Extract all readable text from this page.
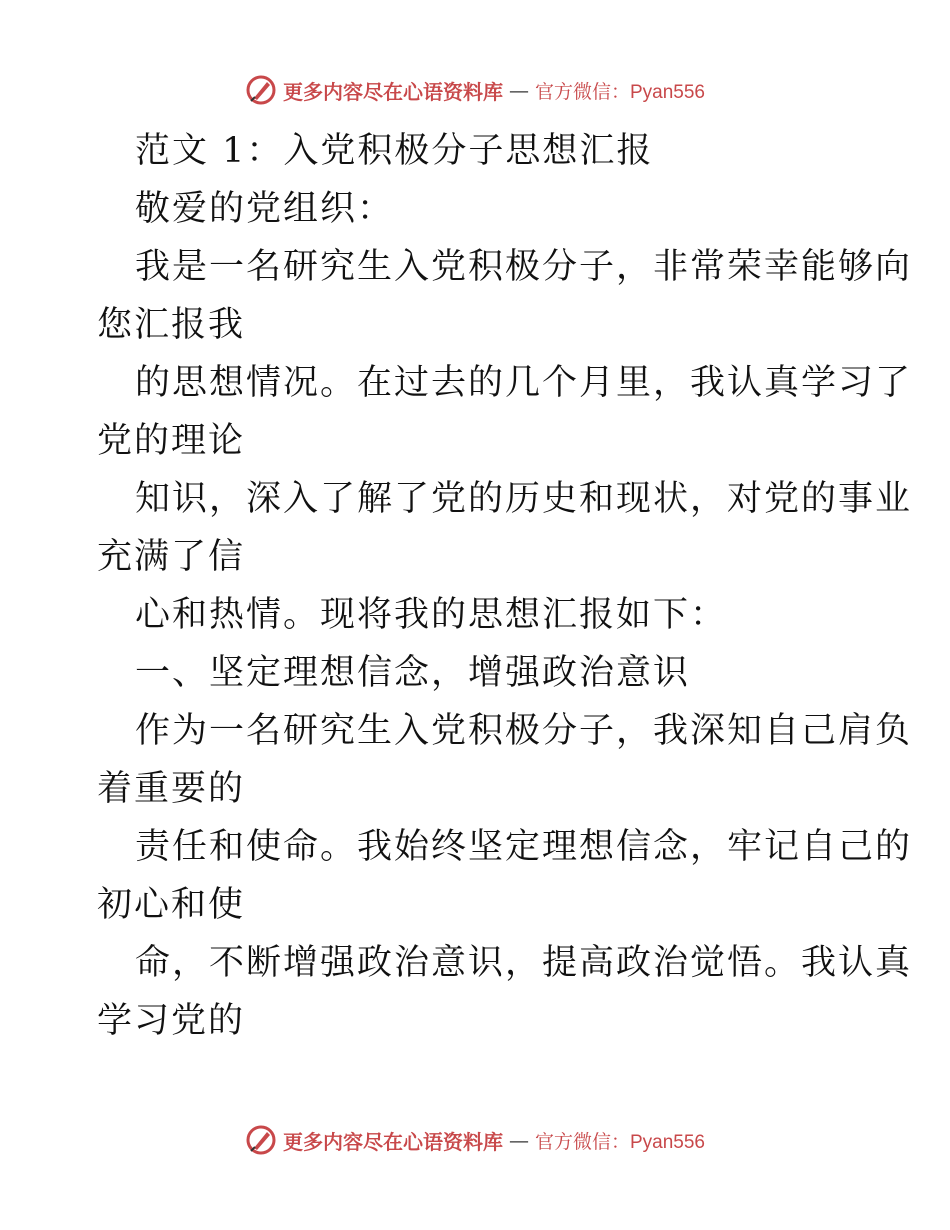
更多内容尽在心语资料库 — 官方微信：Pyan556
范文 1：入党积极分子思想汇报
敬爱的党组织：
我是一名研究生入党积极分子，非常荣幸能够向
您汇报我
的思想情况。在过去的几个月里，我认真学习了
党的理论
知识，深入了解了党的历史和现状，对党的事业
充满了信
心和热情。现将我的思想汇报如下：
一、坚定理想信念，增强政治意识
作为一名研究生入党积极分子，我深知自己肩负
着重要的
责任和使命。我始终坚定理想信念，牢记自己的
初心和使
命，不断增强政治意识，提高政治觉悟。我认真
学习党的
更多内容尽在心语资料库 — 官方微信：Pyan556
